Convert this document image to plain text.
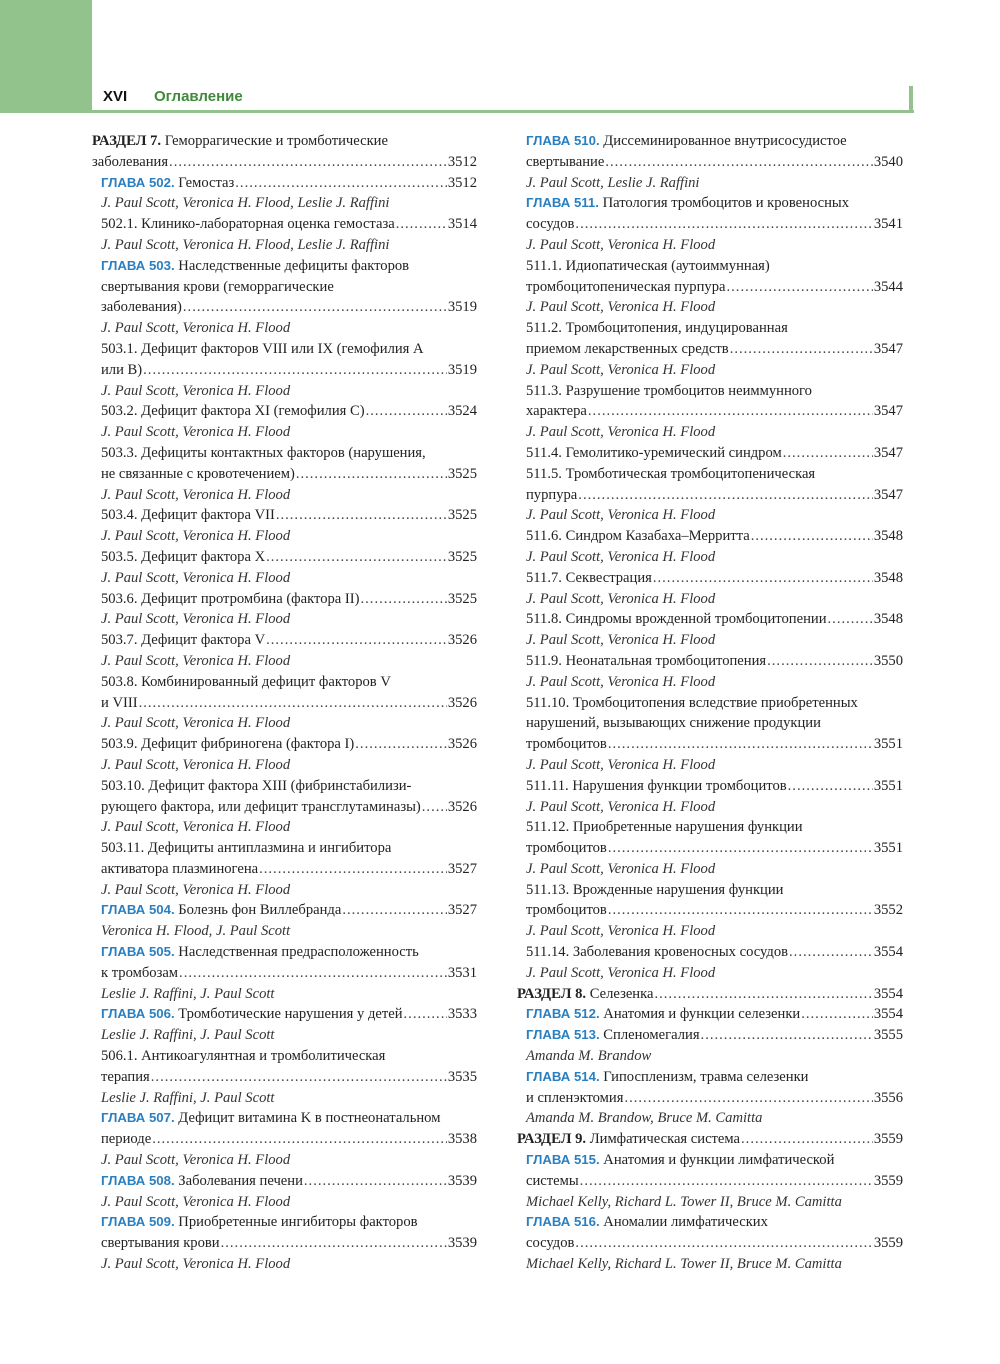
XVI Оглавление
РАЗДЕЛ 7. Геморрагические и тромботические
заболевания .....	3512
ГЛАВА 502. Гемостаз .....	3512
J. Paul Scott, Veronica H. Flood, Leslie J. Raffini
502.1. Клинико-лабораторная оценка гемостаза .....	3514
J. Paul Scott, Veronica H. Flood, Leslie J. Raffini
ГЛАВА 503. Наследственные дефициты факторов
свертывания крови (геморрагические
заболевания) .....	3519
J. Paul Scott, Veronica H. Flood
503.1. Дефицит факторов VIII или IX (гемофилия A
или B) .....	3519
J. Paul Scott, Veronica H. Flood
503.2. Дефицит фактора XI (гемофилия C) .....	3524
J. Paul Scott, Veronica H. Flood
503.3. Дефициты контактных факторов (нарушения,
не связанные с кровотечением) .....	3525
J. Paul Scott, Veronica H. Flood
503.4. Дефицит фактора VII .....	3525
J. Paul Scott, Veronica H. Flood
503.5. Дефицит фактора X .....	3525
J. Paul Scott, Veronica H. Flood
503.6. Дефицит протромбина (фактора II) .....	3525
J. Paul Scott, Veronica H. Flood
503.7. Дефицит фактора V .....	3526
J. Paul Scott, Veronica H. Flood
503.8. Комбинированный дефицит факторов V
и VIII .....	3526
J. Paul Scott, Veronica H. Flood
503.9. Дефицит фибриногена (фактора I) .....	3526
J. Paul Scott, Veronica H. Flood
503.10. Дефицит фактора XIII (фибринстабилизи-
рующего фактора, или дефицит трансглутаминазы) ..... 3526
J. Paul Scott, Veronica H. Flood
503.11. Дефициты антиплазмина и ингибитора
активатора плазминогена .....	3527
J. Paul Scott, Veronica H. Flood
ГЛАВА 504. Болезнь фон Виллебранда .....	3527
Veronica H. Flood, J. Paul Scott
ГЛАВА 505. Наследственная предрасположенность
к тромбозам .....	3531
Leslie J. Raffini, J. Paul Scott
ГЛАВА 506. Тромботические нарушения у детей .....	3533
Leslie J. Raffini, J. Paul Scott
506.1. Антикоагулянтная и тромболитическая
терапия .....	3535
Leslie J. Raffini, J. Paul Scott
ГЛАВА 507. Дефицит витамина K в постнеонатальном
периоде .....	3538
J. Paul Scott, Veronica H. Flood
ГЛАВА 508. Заболевания печени .....	3539
J. Paul Scott, Veronica H. Flood
ГЛАВА 509. Приобретенные ингибиторы факторов
свертывания крови .....	3539
J. Paul Scott, Veronica H. Flood
ГЛАВА 510. Диссеминированное внутрисосудистое
свертывание .....	3540
J. Paul Scott, Leslie J. Raffini
ГЛАВА 511. Патология тромбоцитов и кровеносных
сосудов .....	3541
J. Paul Scott, Veronica H. Flood
511.1. Идиопатическая (аутоиммунная)
тромбоцитопеническая пурпура .....	3544
J. Paul Scott, Veronica H. Flood
511.2. Тромбоцитопения, индуцированная
приемом лекарственных средств .....	3547
J. Paul Scott, Veronica H. Flood
511.3. Разрушение тромбоцитов неиммунного
характера .....	3547
J. Paul Scott, Veronica H. Flood
511.4. Гемолитико-уремический синдром .....	3547
511.5. Тромботическая тромбоцитопеническая
пурпура .....	3547
J. Paul Scott, Veronica H. Flood
511.6. Синдром Казабаха–Мерритта .....	3548
J. Paul Scott, Veronica H. Flood
511.7. Секвестрация .....	3548
J. Paul Scott, Veronica H. Flood
511.8. Синдромы врожденной тромбоцитопении .....	3548
J. Paul Scott, Veronica H. Flood
511.9. Неонатальная тромбоцитопения .....	3550
J. Paul Scott, Veronica H. Flood
511.10. Тромбоцитопения вследствие приобретенных
нарушений, вызывающих снижение продукции
тромбоцитов .....	3551
J. Paul Scott, Veronica H. Flood
511.11. Нарушения функции тромбоцитов .....	3551
J. Paul Scott, Veronica H. Flood
511.12. Приобретенные нарушения функции
тромбоцитов .....	3551
J. Paul Scott, Veronica H. Flood
511.13. Врожденные нарушения функции
тромбоцитов .....	3552
J. Paul Scott, Veronica H. Flood
511.14. Заболевания кровеносных сосудов .....	3554
J. Paul Scott, Veronica H. Flood
РАЗДЕЛ 8. Селезенка .....	3554
ГЛАВА 512. Анатомия и функции селезенки .....	3554
ГЛАВА 513. Спленомегалия .....	3555
Amanda M. Brandow
ГЛАВА 514. Гипоспленизм, травма селезенки
и спленэктомия .....	3556
Amanda M. Brandow, Bruce M. Camitta
РАЗДЕЛ 9. Лимфатическая система .....	3559
ГЛАВА 515. Анатомия и функции лимфатической
системы .....	3559
Michael Kelly, Richard L. Tower II, Bruce M. Camitta
ГЛАВА 516. Аномалии лимфатических
сосудов .....	3559
Michael Kelly, Richard L. Tower II, Bruce M. Camitta
